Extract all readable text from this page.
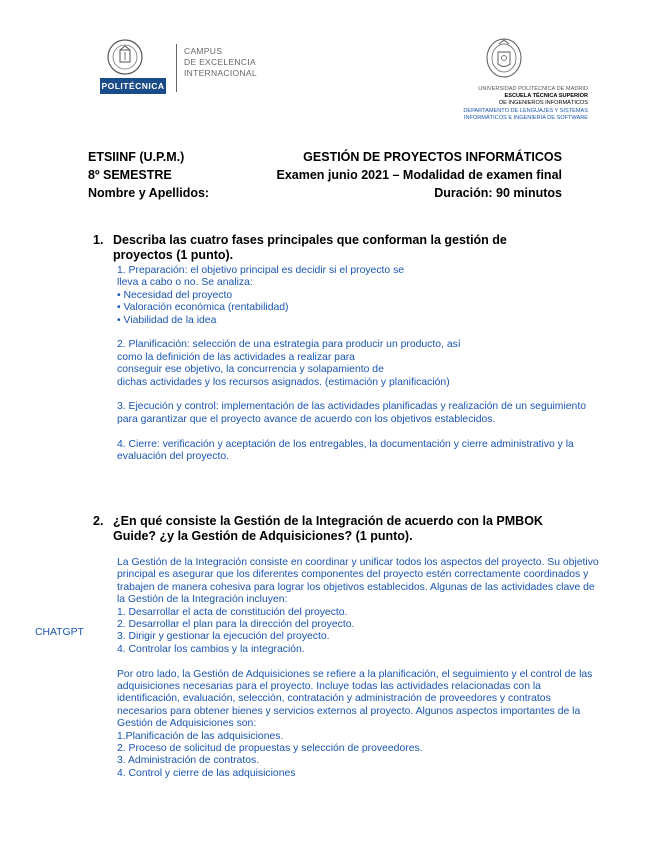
POLITÉCNICA
CAMPUS
DE EXCELENCIA
INTERNACIONAL
UNIVERSIDAD POLITÉCNICA DE MADRID
ESCUELA TÉCNICA SUPERIOR
DE INGENIEROS INFORMÁTICOS
DEPARTAMENTO DE LENGUAJES Y SISTEMAS
INFORMÁTICOS E INGENIERÍA DE SOFTWARE
ETSIINF (U.P.M.)
8º SEMESTRE
Nombre y Apellidos:
GESTIÓN DE PROYECTOS INFORMÁTICOS
Examen junio 2021 – Modalidad de examen final
Duración: 90 minutos
1. Describa las cuatro fases principales que conforman la gestión de
proyectos (1 punto).
1. Preparación: el objetivo principal es decidir si el proyecto se
lleva a cabo o no. Se analiza:
• Necesidad del proyecto
• Valoración económica (rentabilidad)
• Viabilidad de la idea
2. Planificación: selección de una estrategia para producir un producto, así
como la definición de las actividades a realizar para
conseguir ese objetivo, la concurrencia y solapamiento de
dichas actividades y los recursos asignados. (estimación y planificación)
3. Ejecución y control: implementación de las actividades planificadas y realización de un seguimiento
para garantizar que el proyecto avance de acuerdo con los objetivos establecidos.
4. Cierre: verificación y aceptación de los entregables, la documentación y cierre administrativo y la
evaluación del proyecto.
2. ¿En qué consiste la Gestión de la Integración de acuerdo con la PMBOK
Guide? ¿y la Gestión de Adquisiciones? (1 punto).
CHATGPT
La Gestión de la Integración consiste en coordinar y unificar todos los aspectos del proyecto. Su objetivo
principal es asegurar que los diferentes componentes del proyecto estén correctamente coordinados y
trabajen de manera cohesiva para lograr los objetivos establecidos. Algunas de las actividades clave de
la Gestión de la Integración incluyen:
1. Desarrollar el acta de constitución del proyecto.
2. Desarrollar el plan para la dirección del proyecto.
3. Dirigir y gestionar la ejecución del proyecto.
4. Controlar los cambios y la integración.
Por otro lado, la Gestión de Adquisiciones se refiere a la planificación, el seguimiento y el control de las
adquisiciones necesarias para el proyecto. Incluye todas las actividades relacionadas con la
identificación, evaluación, selección, contratación y administración de proveedores y contratos
necesarios para obtener bienes y servicios externos al proyecto. Algunos aspectos importantes de la
Gestión de Adquisiciones son:
1.Planificación de las adquisiciones.
2. Proceso de solicitud de propuestas y selección de proveedores.
3. Administración de contratos.
4. Control y cierre de las adquisiciones
